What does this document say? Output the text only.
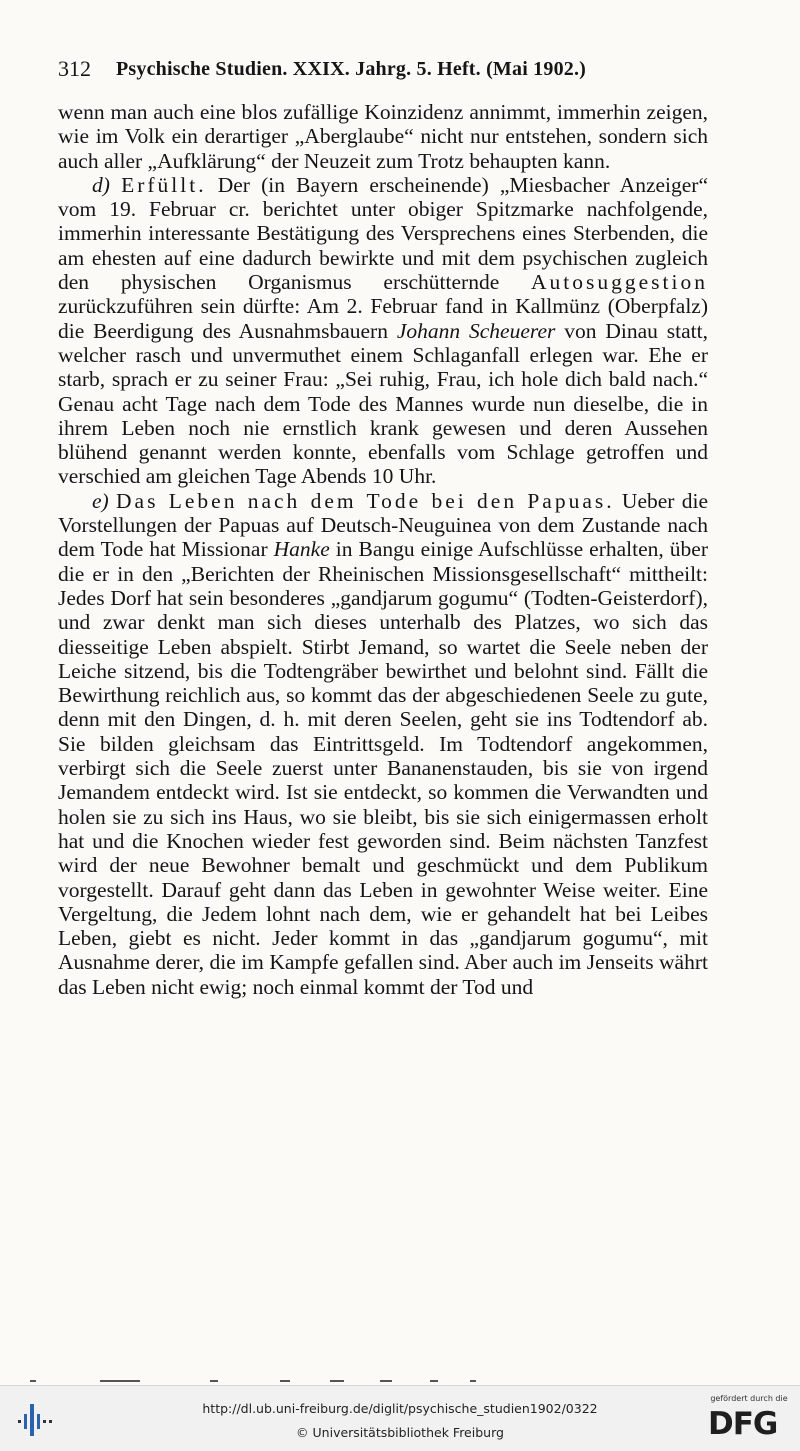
312 Psychische Studien. XXIX. Jahrg. 5. Heft. (Mai 1902.)

wenn man auch eine blos zufällige Koinzidenz annimmt, immerhin zeigen, wie im Volk ein derartiger „Aberglaube“ nicht nur entstehen, sondern sich auch aller „Aufklärung“ der Neuzeit zum Trotz behaupten kann.

d) Erfüllt. Der (in Bayern erscheinende) „Miesbacher Anzeiger“ vom 19. Februar cr. berichtet unter obiger Spitzmarke nachfolgende, immerhin interessante Bestätigung des Versprechens eines Sterbenden, die am ehesten auf eine dadurch bewirkte und mit dem psychischen zugleich den physischen Organismus erschütternde Autosuggestion zurückzuführen sein dürfte: Am 2. Februar fand in Kallmünz (Oberpfalz) die Beerdigung des Ausnahmsbauern Johann Scheuerer von Dinau statt, welcher rasch und unvermuthet einem Schlaganfall erlegen war. Ehe er starb, sprach er zu seiner Frau: „Sei ruhig, Frau, ich hole dich bald nach.“ Genau acht Tage nach dem Tode des Mannes wurde nun dieselbe, die in ihrem Leben noch nie ernstlich krank gewesen und deren Aussehen blühend genannt werden konnte, ebenfalls vom Schlage getroffen und verschied am gleichen Tage Abends 10 Uhr.

e) Das Leben nach dem Tode bei den Papuas. Ueber die Vorstellungen der Papuas auf Deutsch-Neuguinea von dem Zustande nach dem Tode hat Missionar Hanke in Bangu einige Aufschlüsse erhalten, über die er in den „Berichten der Rheinischen Missionsgesellschaft“ mittheilt: Jedes Dorf hat sein besonderes „gandjarum gogumu“ (Todten-Geisterdorf), und zwar denkt man sich dieses unterhalb des Platzes, wo sich das diesseitige Leben abspielt. Stirbt Jemand, so wartet die Seele neben der Leiche sitzend, bis die Todtengräber bewirthet und belohnt sind. Fällt die Bewirthung reichlich aus, so kommt das der abgeschiedenen Seele zu gute, denn mit den Dingen, d. h. mit deren Seelen, geht sie ins Todtendorf ab. Sie bilden gleichsam das Eintrittsgeld. Im Todtendorf angekommen, verbirgt sich die Seele zuerst unter Bananenstauden, bis sie von irgend Jemandem entdeckt wird. Ist sie entdeckt, so kommen die Verwandten und holen sie zu sich ins Haus, wo sie bleibt, bis sie sich einigermassen erholt hat und die Knochen wieder fest geworden sind. Beim nächsten Tanzfest wird der neue Bewohner bemalt und geschmückt und dem Publikum vorgestellt. Darauf geht dann das Leben in gewohnter Weise weiter. Eine Vergeltung, die Jedem lohnt nach dem, wie er gehandelt hat bei Leibes Leben, giebt es nicht. Jeder kommt in das „gandjarum gogumu“, mit Ausnahme derer, die im Kampfe gefallen sind. Aber auch im Jenseits währt das Leben nicht ewig; noch einmal kommt der Tod und

http://dl.ub.uni-freiburg.de/diglit/psychische_studien1902/0322
© Universitätsbibliothek Freiburg
gefördert durch die
DFG
